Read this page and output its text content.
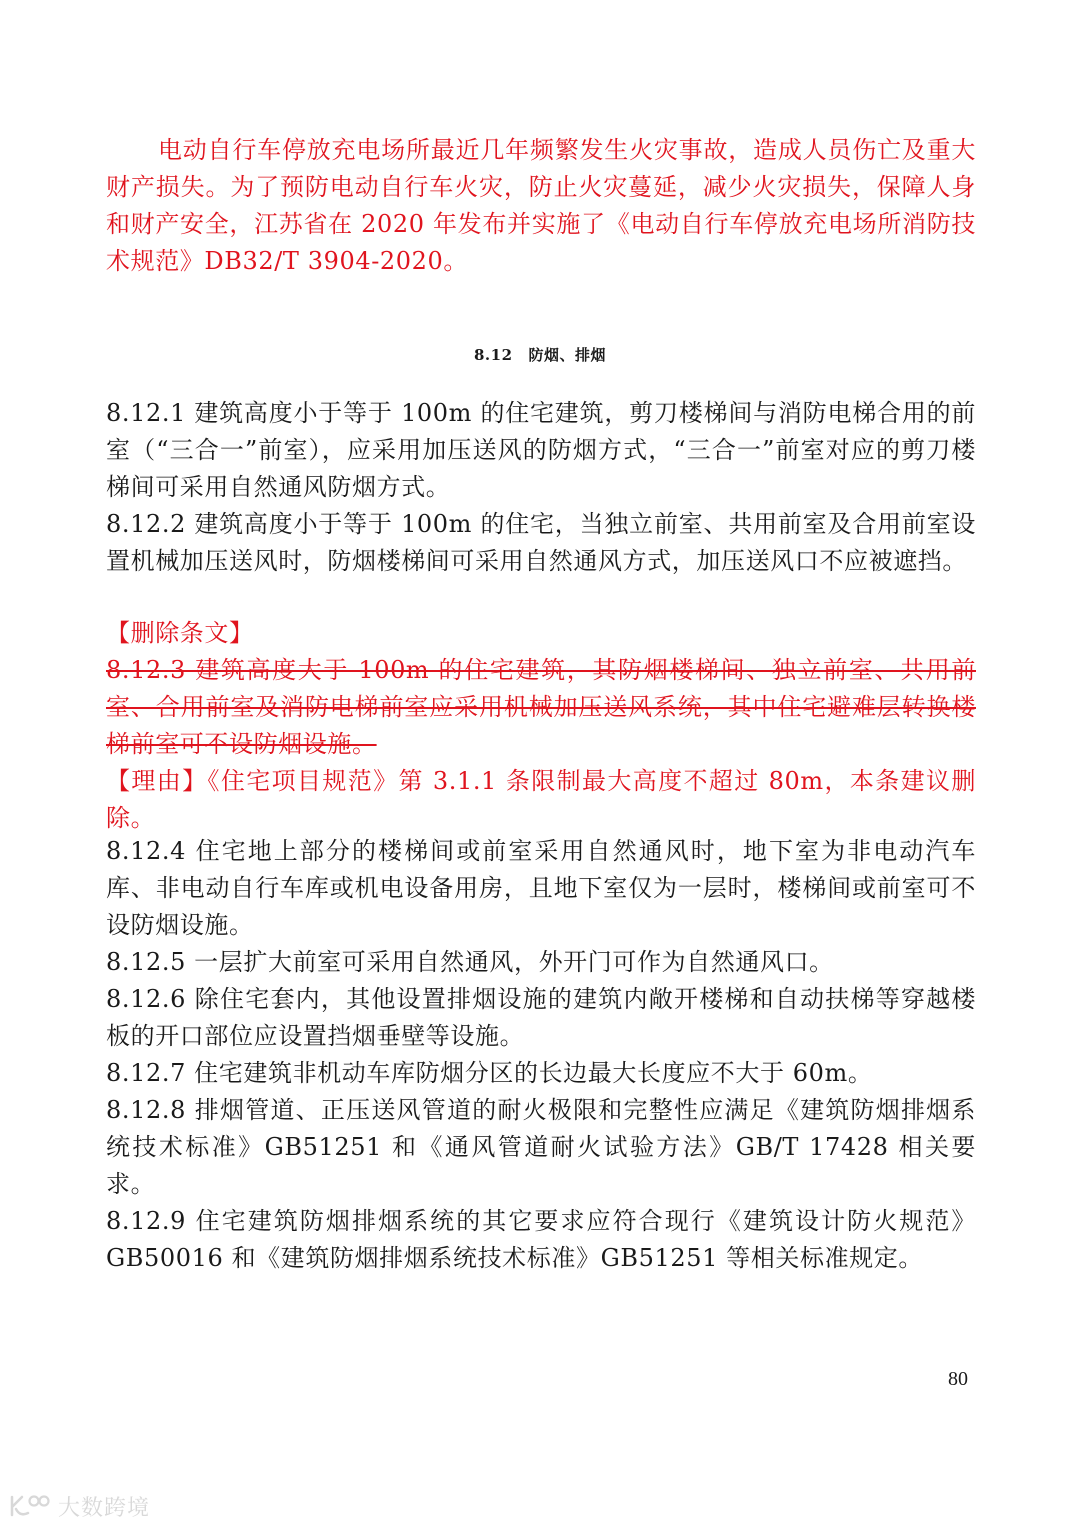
电动自行车停放充电场所最近几年频繁发生火灾事故，造成人员伤亡及重大财产损失。为了预防电动自行车火灾，防止火灾蔓延，减少火灾损失，保障人身和财产安全，江苏省在 2020 年发布并实施了《电动自行车停放充电场所消防技术规范》DB32/T 3904-2020。

8.12 防烟、排烟
8.12.1 建筑高度小于等于 100m 的住宅建筑，剪刀楼梯间与消防电梯合用的前室（“三合一”前室），应采用加压送风的防烟方式，“三合一”前室对应的剪刀楼梯间可采用自然通风防烟方式。
8.12.2 建筑高度小于等于 100m 的住宅，当独立前室、共用前室及合用前室设置机械加压送风时，防烟楼梯间可采用自然通风方式，加压送风口不应被遮挡。
【删除条文】
8.12.3 建筑高度大于 100m 的住宅建筑，其防烟楼梯间、独立前室、共用前室、合用前室及消防电梯前室应采用机械加压送风系统，其中住宅避难层转换楼梯前室可不设防烟设施。
【理由】《住宅项目规范》第 3.1.1 条限制最大高度不超过 80m，本条建议删除。
8.12.4 住宅地上部分的楼梯间或前室采用自然通风时，地下室为非电动汽车库、非电动自行车库或机电设备用房，且地下室仅为一层时，楼梯间或前室可不设防烟设施。
8.12.5 一层扩大前室可采用自然通风，外开门可作为自然通风口。
8.12.6 除住宅套内，其他设置排烟设施的建筑内敞开楼梯和自动扶梯等穿越楼板的开口部位应设置挡烟垂壁等设施。
8.12.7 住宅建筑非机动车库防烟分区的长边最大长度应不大于 60m。
8.12.8 排烟管道、正压送风管道的耐火极限和完整性应满足《建筑防烟排烟系统技术标准》GB51251 和《通风管道耐火试验方法》GB/T 17428 相关要求。
8.12.9 住宅建筑防烟排烟系统的其它要求应符合现行《建筑设计防火规范》GB50016 和《建筑防烟排烟系统技术标准》GB51251 等相关标准规定。
80
大数跨境
